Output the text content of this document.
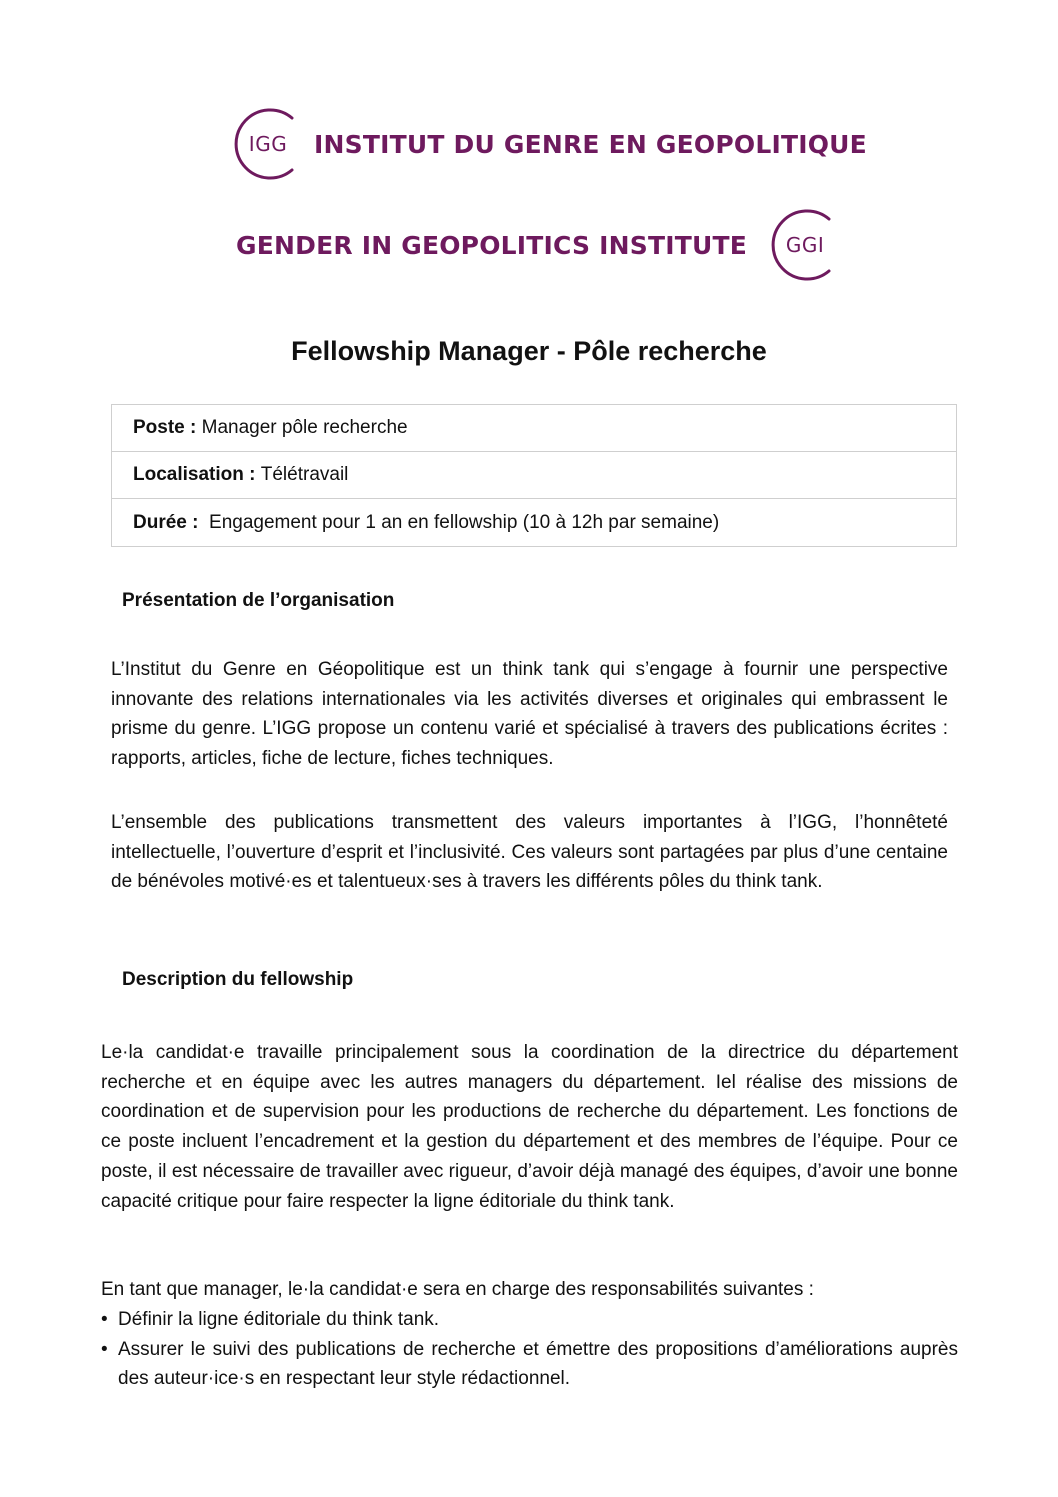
IGG	INSTITUT DU GENRE EN GEOPOLITIQUE
GENDER IN GEOPOLITICS INSTITUTE	GGI
Fellowship Manager - Pôle recherche
Poste : Manager pôle recherche
Localisation : Télétravail
Durée : Engagement pour 1 an en fellowship (10 à 12h par semaine)
Présentation de l’organisation

L’Institut du Genre en Géopolitique est un think tank qui s’engage à fournir une perspective innovante des relations internationales via les activités diverses et originales qui embrassent le prisme du genre. L’IGG propose un contenu varié et spécialisé à travers des publications écrites : rapports, articles, fiche de lecture, fiches techniques.

L’ensemble des publications transmettent des valeurs importantes à l’IGG, l’honnêteté intellectuelle, l’ouverture d’esprit et l’inclusivité. Ces valeurs sont partagées par plus d’une centaine de bénévoles motivé·es et talentueux·ses à travers les différents pôles du think tank.

Description du fellowship

Le·la candidat·e travaille principalement sous la coordination de la directrice du département recherche et en équipe avec les autres managers du département. Iel réalise des missions de coordination et de supervision pour les productions de recherche du département. Les fonctions de ce poste incluent l’encadrement et la gestion du département et des membres de l’équipe. Pour ce poste, il est nécessaire de travailler avec rigueur, d’avoir déjà managé des équipes, d’avoir une bonne capacité critique pour faire respecter la ligne éditoriale du think tank.

En tant que manager, le·la candidat·e sera en charge des responsabilités suivantes :

• Définir la ligne éditoriale du think tank.
• Assurer le suivi des publications de recherche et émettre des propositions d’améliorations auprès des auteur·ice·s en respectant leur style rédactionnel.
